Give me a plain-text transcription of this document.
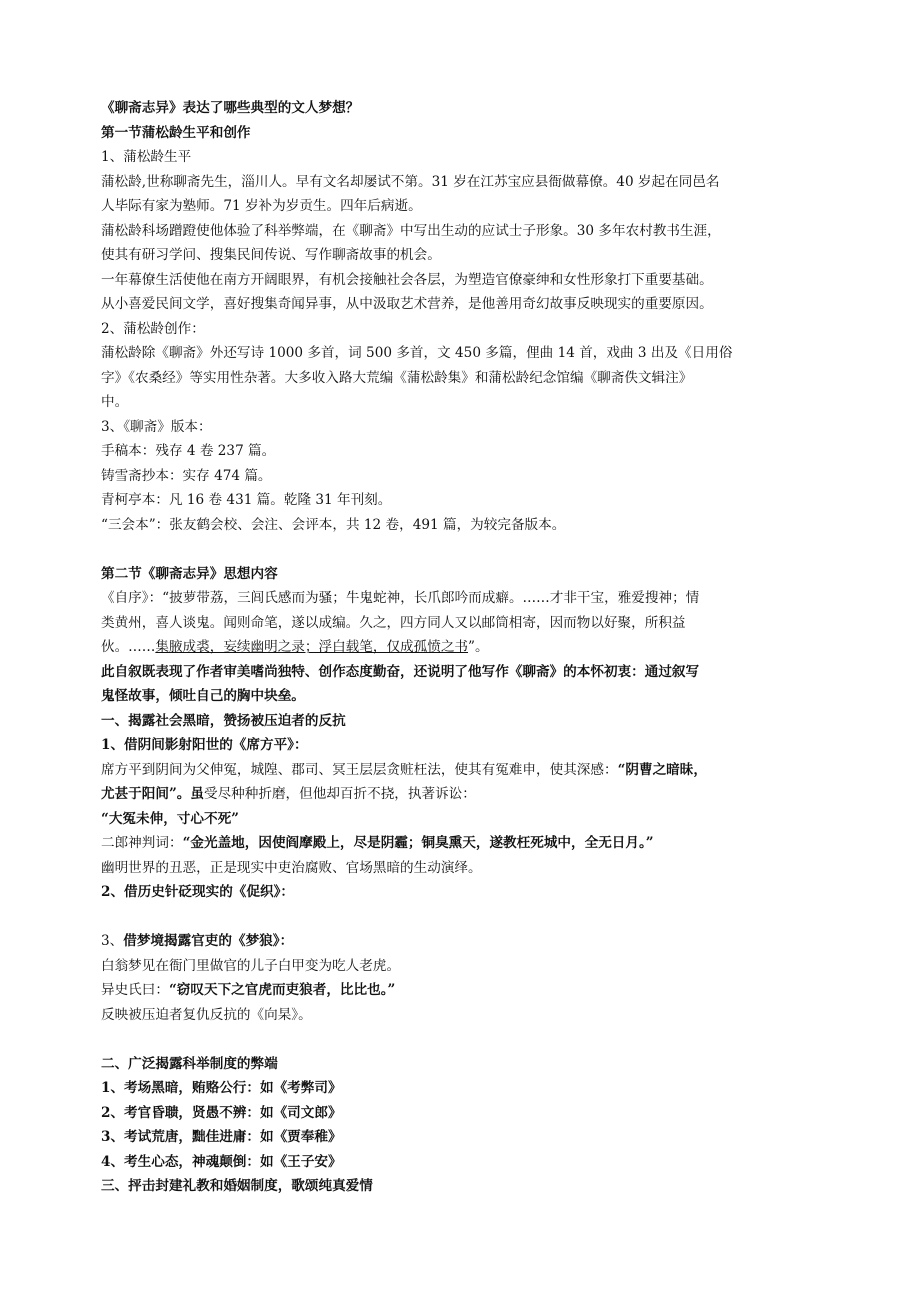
《聊斋志异》表达了哪些典型的文人梦想？
第一节蒲松龄生平和创作
1、蒲松龄生平
蒲松龄,世称聊斋先生，淄川人。早有文名却屡试不第。31 岁在江苏宝应县衙做幕僚。40 岁起在同邑名
人毕际有家为塾师。71 岁补为岁贡生。四年后病逝。
蒲松龄科场蹭蹬使他体验了科举弊端，在《聊斋》中写出生动的应试士子形象。30 多年农村教书生涯，
使其有研习学问、搜集民间传说、写作聊斋故事的机会。
一年幕僚生活使他在南方开阔眼界，有机会接触社会各层，为塑造官僚豪绅和女性形象打下重要基础。
从小喜爱民间文学，喜好搜集奇闻异事，从中汲取艺术营养，是他善用奇幻故事反映现实的重要原因。
2、蒲松龄创作：
蒲松龄除《聊斋》外还写诗 1000 多首，词 500 多首，文 450 多篇，俚曲 14 首，戏曲 3 出及《日用俗
字》《农桑经》等实用性杂著。大多收入路大荒编《蒲松龄集》和蒲松龄纪念馆编《聊斋佚文辑注》
中。
3、《聊斋》版本：
手稿本：残存 4 卷 237 篇。
铸雪斋抄本：实存 474 篇。
青柯亭本：凡 16 卷 431 篇。乾隆 31 年刊刻。
“三会本”：张友鹤会校、会注、会评本，共 12 卷，491 篇，为较完备版本。
第二节《聊斋志异》思想内容
《自序》：“披萝带荔，三闾氏感而为骚；牛鬼蛇神，长爪郎吟而成癖。……才非干宝，雅爱搜神；情
类黄州，喜人谈鬼。闻则命笔，遂以成编。久之，四方同人又以邮筒相寄，因而物以好聚，所积益
伙。……集腋成裘，妄续幽明之录；浮白载笔，仅成孤愤之书”。
此自叙既表现了作者审美嗜尚独特、创作态度勤奋，还说明了他写作《聊斋》的本怀初衷：通过叙写
鬼怪故事，倾吐自己的胸中块垒。
一、揭露社会黑暗，赞扬被压迫者的反抗
1、借阴间影射阳世的《席方平》：
席方平到阴间为父伸冤，城隍、郡司、冥王层层贪赃枉法，使其有冤难申，使其深感：“阴曹之暗昧，
尤甚于阳间”。虽受尽种种折磨，但他却百折不挠，执著诉讼：
“大冤未伸，寸心不死”
二郎神判词：“金光盖地，因使阎摩殿上，尽是阴霾；铜臭熏天，遂教枉死城中，全无日月。”
幽明世界的丑恶，正是现实中吏治腐败、官场黑暗的生动演绎。
2、借历史针砭现实的《促织》：
3、借梦境揭露官吏的《梦狼》：
白翁梦见在衙门里做官的儿子白甲变为吃人老虎。
异史氏曰：“窃叹天下之官虎而吏狼者，比比也。”
反映被压迫者复仇反抗的《向杲》。
二、广泛揭露科举制度的弊端
1、考场黑暗，贿赂公行：如《考弊司》
2、考官昏聩，贤愚不辨：如《司文郎》
3、考试荒唐，黜佳进庸：如《贾奉稚》
4、考生心态，神魂颠倒：如《王子安》
三、抨击封建礼教和婚姻制度，歌颂纯真爱情
